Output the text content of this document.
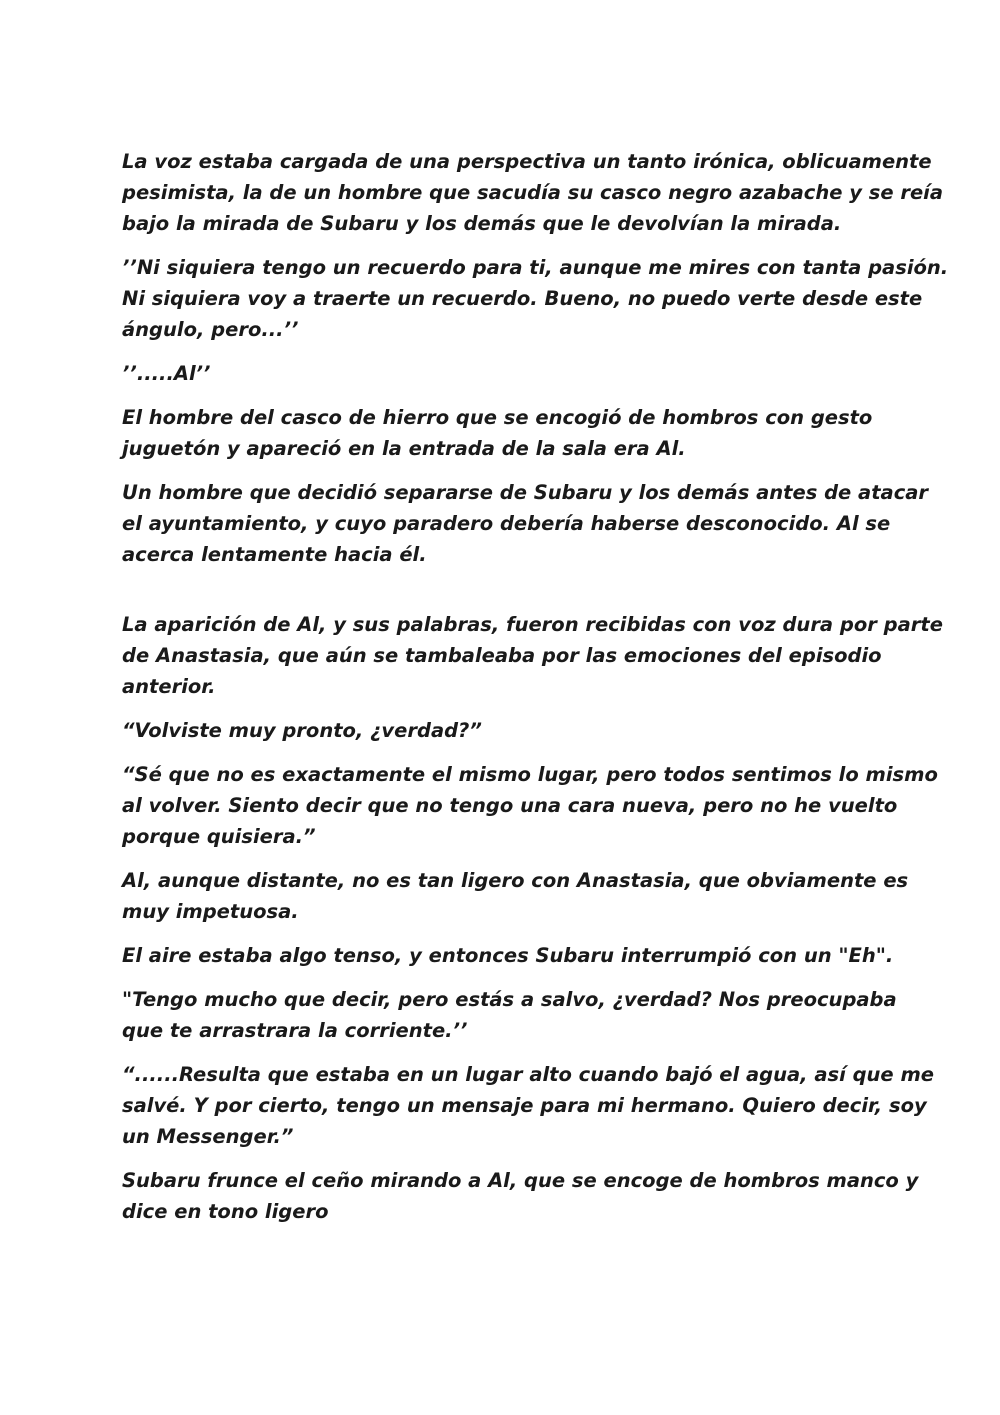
La voz estaba cargada de una perspectiva un tanto irónica, oblicuamente
pesimista, la de un hombre que sacudía su casco negro azabache y se reía
bajo la mirada de Subaru y los demás que le devolvían la mirada.

’’Ni siquiera tengo un recuerdo para ti, aunque me mires con tanta pasión.
Ni siquiera voy a traerte un recuerdo. Bueno, no puedo verte desde este
ángulo, pero...’’

’’.....Al’’

El hombre del casco de hierro que se encogió de hombros con gesto
juguetón y apareció en la entrada de la sala era Al.

Un hombre que decidió separarse de Subaru y los demás antes de atacar
el ayuntamiento, y cuyo paradero debería haberse desconocido. Al se
acerca lentamente hacia él.

La aparición de Al, y sus palabras, fueron recibidas con voz dura por parte
de Anastasia, que aún se tambaleaba por las emociones del episodio
anterior.

“Volviste muy pronto, ¿verdad?”

“Sé que no es exactamente el mismo lugar, pero todos sentimos lo mismo
al volver. Siento decir que no tengo una cara nueva, pero no he vuelto
porque quisiera.”

Al, aunque distante, no es tan ligero con Anastasia, que obviamente es
muy impetuosa.

El aire estaba algo tenso, y entonces Subaru interrumpió con un "Eh".

"Tengo mucho que decir, pero estás a salvo, ¿verdad? Nos preocupaba
que te arrastrara la corriente.’’

“......Resulta que estaba en un lugar alto cuando bajó el agua, así que me
salvé. Y por cierto, tengo un mensaje para mi hermano. Quiero decir, soy
un Messenger.”

Subaru frunce el ceño mirando a Al, que se encoge de hombros manco y
dice en tono ligero
